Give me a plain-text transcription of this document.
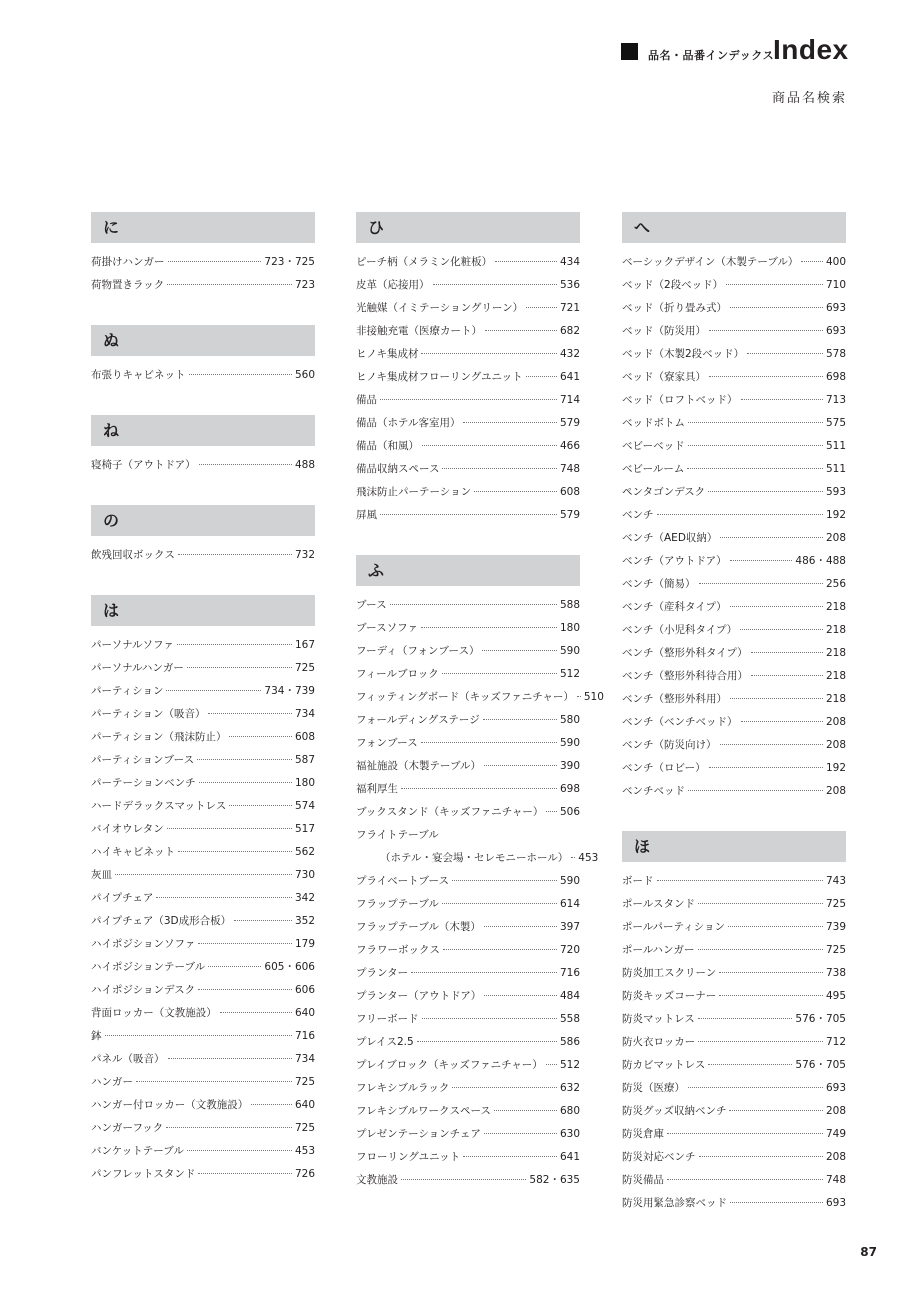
品名・品番インデックス
Index
商品名検索
に
荷掛けハンガー	723・725
荷物置きラック	723
ぬ
布張りキャビネット	560
ね
寝椅子（アウトドア）	488
の
飲残回収ボックス	732
は
パーソナルソファ	167
パーソナルハンガー	725
パーティション	734・739
パーティション（吸音）	734
パーティション（飛沫防止）	608
パーティションブース	587
パーテーションベンチ	180
ハードデラックスマットレス	574
バイオウレタン	517
ハイキャビネット	562
灰皿	730
パイプチェア	342
パイプチェア（3D成形合板）	352
ハイポジションソファ	179
ハイポジションテーブル	605・606
ハイポジションデスク	606
背面ロッカー（文教施設）	640
鉢	716
パネル（吸音）	734
ハンガー	725
ハンガー付ロッカー（文教施設）	640
ハンガーフック	725
バンケットテーブル	453
パンフレットスタンド	726
ひ
ピーチ柄（メラミン化粧板）	434
皮革（応接用）	536
光触媒（イミテーショングリーン）	721
非接触充電（医療カート）	682
ヒノキ集成材	432
ヒノキ集成材フローリングユニット	641
備品	714
備品（ホテル客室用）	579
備品（和風）	466
備品収納スペース	748
飛沫防止パーテーション	608
屏風	579
ふ
ブース	588
ブースソファ	180
フーディ（フォンブース）	590
フィールブロック	512
フィッティングボード（キッズファニチャー） 510
フォールディングステージ	580
フォンブース	590
福祉施設（木製テーブル）	390
福利厚生	698
ブックスタンド（キッズファニチャー） 506
フライトテーブル
（ホテル・宴会場・セレモニーホール） 453
プライベートブース	590
フラップテーブル	614
フラップテーブル（木製）	397
フラワーボックス	720
プランター	716
プランター（アウトドア）	484
フリーボード	558
プレイス2.5	586
プレイブロック（キッズファニチャー） 512
フレキシブルラック	632
フレキシブルワークスペース	680
プレゼンテーションチェア	630
フローリングユニット	641
文教施設	582・635
へ
ベーシックデザイン（木製テーブル）	400
ベッド（2段ベッド）	710
ベッド（折り畳み式）	693
ベッド（防災用）	693
ベッド（木製2段ベッド）	578
ベッド（寮家具）	698
ベッド（ロフトベッド）	713
ベッドボトム	575
ベビーベッド	511
ベビールーム	511
ペンタゴンデスク	593
ベンチ	192
ベンチ（AED収納）	208
ベンチ（アウトドア）	486・488
ベンチ（簡易）	256
ベンチ（産科タイプ）	218
ベンチ（小児科タイプ）	218
ベンチ（整形外科タイプ）	218
ベンチ（整形外科待合用）	218
ベンチ（整形外科用）	218
ベンチ（ベンチベッド）	208
ベンチ（防災向け）	208
ベンチ（ロビー）	192
ベンチベッド	208
ほ
ボード	743
ポールスタンド	725
ポールパーティション	739
ポールハンガー	725
防炎加工スクリーン	738
防炎キッズコーナー	495
防炎マットレス	576・705
防火衣ロッカー	712
防カビマットレス	576・705
防災（医療）	693
防災グッズ収納ベンチ	208
防災倉庫	749
防災対応ベンチ	208
防災備品	748
防災用緊急診察ベッド	693
87
